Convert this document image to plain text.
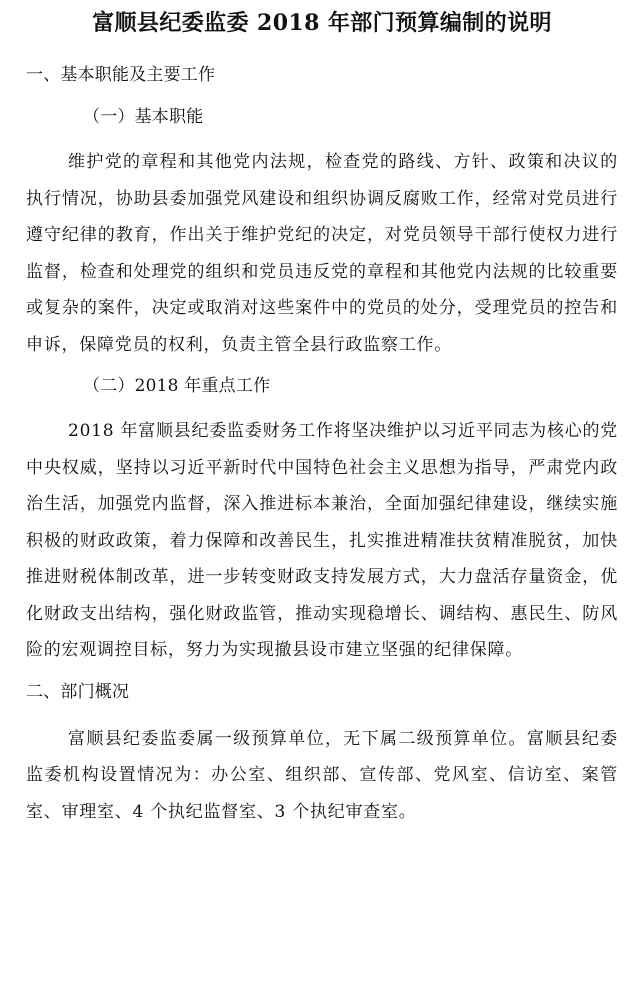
富顺县纪委监委 2018 年部门预算编制的说明
一、基本职能及主要工作
（一）基本职能

维护党的章程和其他党内法规，检查党的路线、方针、政策和决议的执行情况，协助县委加强党风建设和组织协调反腐败工作，经常对党员进行遵守纪律的教育，作出关于维护党纪的决定，对党员领导干部行使权力进行监督，检查和处理党的组织和党员违反党的章程和其他党内法规的比较重要或复杂的案件，决定或取消对这些案件中的党员的处分，受理党员的控告和申诉，保障党员的权利，负责主管全县行政监察工作。

（二）2018 年重点工作

2018 年富顺县纪委监委财务工作将坚决维护以习近平同志为核心的党中央权威，坚持以习近平新时代中国特色社会主义思想为指导，严肃党内政治生活，加强党内监督，深入推进标本兼治，全面加强纪律建设，继续实施积极的财政政策，着力保障和改善民生，扎实推进精准扶贫精准脱贫，加快推进财税体制改革，进一步转变财政支持发展方式，大力盘活存量资金，优化财政支出结构，强化财政监管，推动实现稳增长、调结构、惠民生、防风险的宏观调控目标，努力为实现撤县设市建立坚强的纪律保障。

二、部门概况

富顺县纪委监委属一级预算单位，无下属二级预算单位。富顺县纪委监委机构设置情况为：办公室、组织部、宣传部、党风室、信访室、案管室、审理室、4 个执纪监督室、3 个执纪审查室。
